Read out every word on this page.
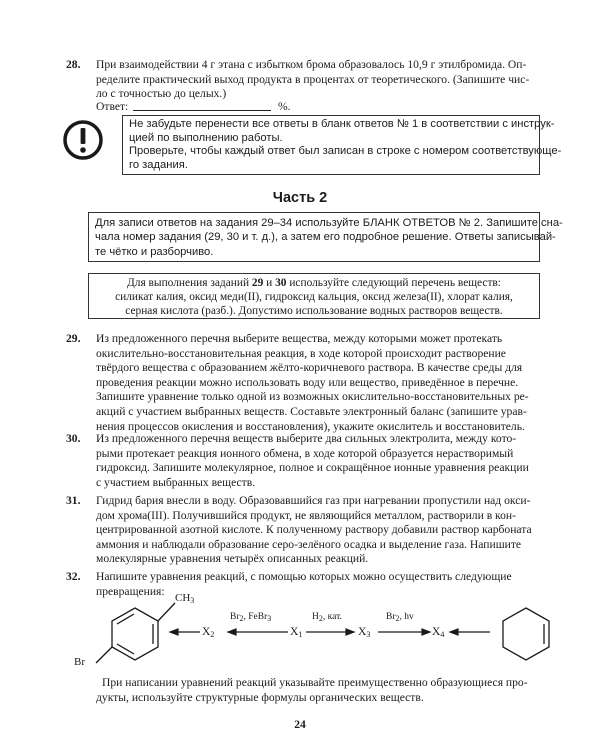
28. При взаимодействии 4 г этана с избытком брома образовалось 10,9 г этилбромида. Оп-
ределите практический выход продукта в процентах от теоретического. (Запишите чис-
ло с точностью до целых.)
Ответ:	%.
Не забудьте перенести все ответы в бланк ответов № 1 в соответствии с инструк-
цией по выполнению работы.
Проверьте, чтобы каждый ответ был записан в строке с номером соответствующе-
го задания.
Часть 2
Для записи ответов на задания 29–34 используйте БЛАНК ОТВЕТОВ № 2. Запишите сна-
чала номер задания (29, 30 и т. д.), а затем его подробное решение. Ответы записывай-
те чётко и разборчиво.
Для выполнения заданий 29 и 30 используйте следующий перечень веществ:
силикат калия, оксид меди(II), гидроксид кальция, оксид железа(II), хлорат калия,
серная кислота (разб.). Допустимо использование водных растворов веществ.
29. Из предложенного перечня выберите вещества, между которыми может протекать
окислительно-восстановительная реакция, в ходе которой происходит растворение
твёрдого вещества с образованием жёлто-коричневого раствора. В качестве среды для
проведения реакции можно использовать воду или вещество, приведённое в перечне.
Запишите уравнение только одной из возможных окислительно-восстановительных ре-
акций с участием выбранных веществ. Составьте электронный баланс (запишите урав-
нения процессов окисления и восстановления), укажите окислитель и восстановитель.
30. Из предложенного перечня веществ выберите два сильных электролита, между кото-
рыми протекает реакция ионного обмена, в ходе которой образуется нерастворимый
гидроксид. Запишите молекулярное, полное и сокращённое ионные уравнения реакции
с участием выбранных веществ.
31. Гидрид бария внесли в воду. Образовавшийся газ при нагревании пропустили над окси-
дом хрома(III). Получившийся продукт, не являющийся металлом, растворили в кон-
центрированной азотной кислоте. К полученному раствору добавили раствор карбоната
аммония и наблюдали образование серо-зелёного осадка и выделение газа. Напишите
молекулярные уравнения четырёх описанных реакций.
32. Напишите уравнения реакций, с помощью которых можно осуществить следующие
превращения:
$CH_3$
Br
$X_2$	$X_1$	$X_3$	$X_4$
$Br_2$, FeBr$_3$	$H_2$, кат.	$Br_2$, hv
При написании уравнений реакций указывайте преимущественно образующиеся про-
дукты, используйте структурные формулы органических веществ.
24
